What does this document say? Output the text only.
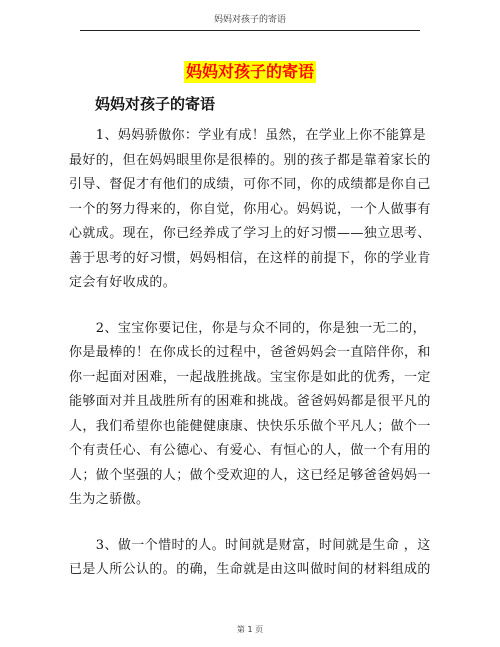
妈妈对孩子的寄语
妈妈对孩子的寄语
妈妈对孩子的寄语
　　1、妈妈骄傲你：学业有成！虽然，在学业上你不能算是
最好的，但在妈妈眼里你是很棒的。别的孩子都是靠着家长的
引导、督促才有他们的成绩，可你不同，你的成绩都是你自己
一个的努力得来的，你自觉，你用心。妈妈说，一个人做事有
心就成。现在，你已经养成了学习上的好习惯——独立思考、
善于思考的好习惯，妈妈相信，在这样的前提下，你的学业肯
定会有好收成的。
　　2、宝宝你要记住，你是与众不同的，你是独一无二的，
你是最棒的！在你成长的过程中，爸爸妈妈会一直陪伴你，和
你一起面对困难，一起战胜挑战。宝宝你是如此的优秀，一定
能够面对并且战胜所有的困难和挑战。爸爸妈妈都是很平凡的
人，我们希望你也能健健康康、快快乐乐做个平凡人；做个一
个有责任心、有公德心、有爱心、有恒心的人，做一个有用的
人；做个坚强的人；做个受欢迎的人，这已经足够爸爸妈妈一
生为之骄傲。
　　3、做一个惜时的人。时间就是财富，时间就是生命 ，这
已是人所公认的。的确，生命就是由这叫做时间的材料组成的
第 1 页
